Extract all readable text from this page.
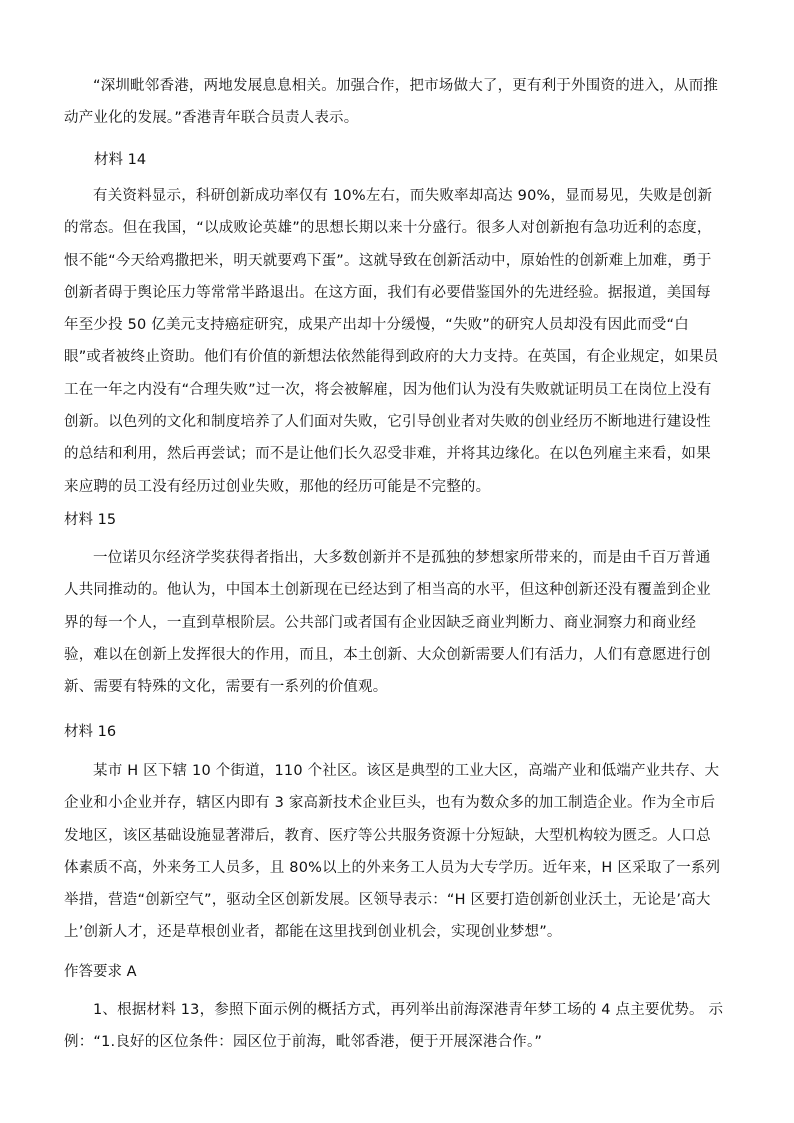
“深圳毗邻香港，两地发展息息相关。加强合作，把市场做大了，更有利于外围资的进入，从而推动产业化的发展。”香港青年联合员责人表示。

材料 14

有关资料显示，科研创新成功率仅有 10%左右，而失败率却高达 90%，显而易见，失败是创新的常态。但在我国，“以成败论英雄”的思想长期以来十分盛行。很多人对创新抱有急功近利的态度，恨不能“今天给鸡撒把米，明天就要鸡下蛋”。这就导致在创新活动中，原始性的创新难上加难，勇于创新者碍于舆论压力等常常半路退出。在这方面，我们有必要借鉴国外的先进经验。据报道，美国每年至少投 50 亿美元支持癌症研究，成果产出却十分缓慢，“失败”的研究人员却没有因此而受“白眼”或者被终止资助。他们有价值的新想法依然能得到政府的大力支持。在英国，有企业规定，如果员工在一年之内没有“合理失败”过一次，将会被解雇，因为他们认为没有失败就证明员工在岗位上没有创新。以色列的文化和制度培养了人们面对失败，它引导创业者对失败的创业经历不断地进行建设性的总结和利用，然后再尝试；而不是让他们长久忍受非难，并将其边缘化。在以色列雇主来看，如果来应聘的员工没有经历过创业失败，那他的经历可能是不完整的。

材料 15

一位诺贝尔经济学奖获得者指出，大多数创新并不是孤独的梦想家所带来的，而是由千百万普通人共同推动的。他认为，中国本土创新现在已经达到了相当高的水平，但这种创新还没有覆盖到企业界的每一个人，一直到草根阶层。公共部门或者国有企业因缺乏商业判断力、商业洞察力和商业经验，难以在创新上发挥很大的作用，而且，本土创新、大众创新需要人们有活力，人们有意愿进行创新、需要有特殊的文化，需要有一系列的价值观。

材料 16

某市 H 区下辖 10 个街道，110 个社区。该区是典型的工业大区，高端产业和低端产业共存、大企业和小企业并存，辖区内即有 3 家高新技术企业巨头，也有为数众多的加工制造企业。作为全市后发地区，该区基础设施显著滞后，教育、医疗等公共服务资源十分短缺，大型机构较为匮乏。人口总体素质不高，外来务工人员多，且 80%以上的外来务工人员为大专学历。近年来，H 区采取了一系列举措，营造“创新空气”，驱动全区创新发展。区领导表示：“H 区要打造创新创业沃土，无论是’高大上’创新人才，还是草根创业者，都能在这里找到创业机会，实现创业梦想”。

作答要求 A

1、根据材料 13，参照下面示例的概括方式，再列举出前海深港青年梦工场的 4 点主要优势。 示例：“1.良好的区位条件：园区位于前海，毗邻香港，便于开展深港合作。”
